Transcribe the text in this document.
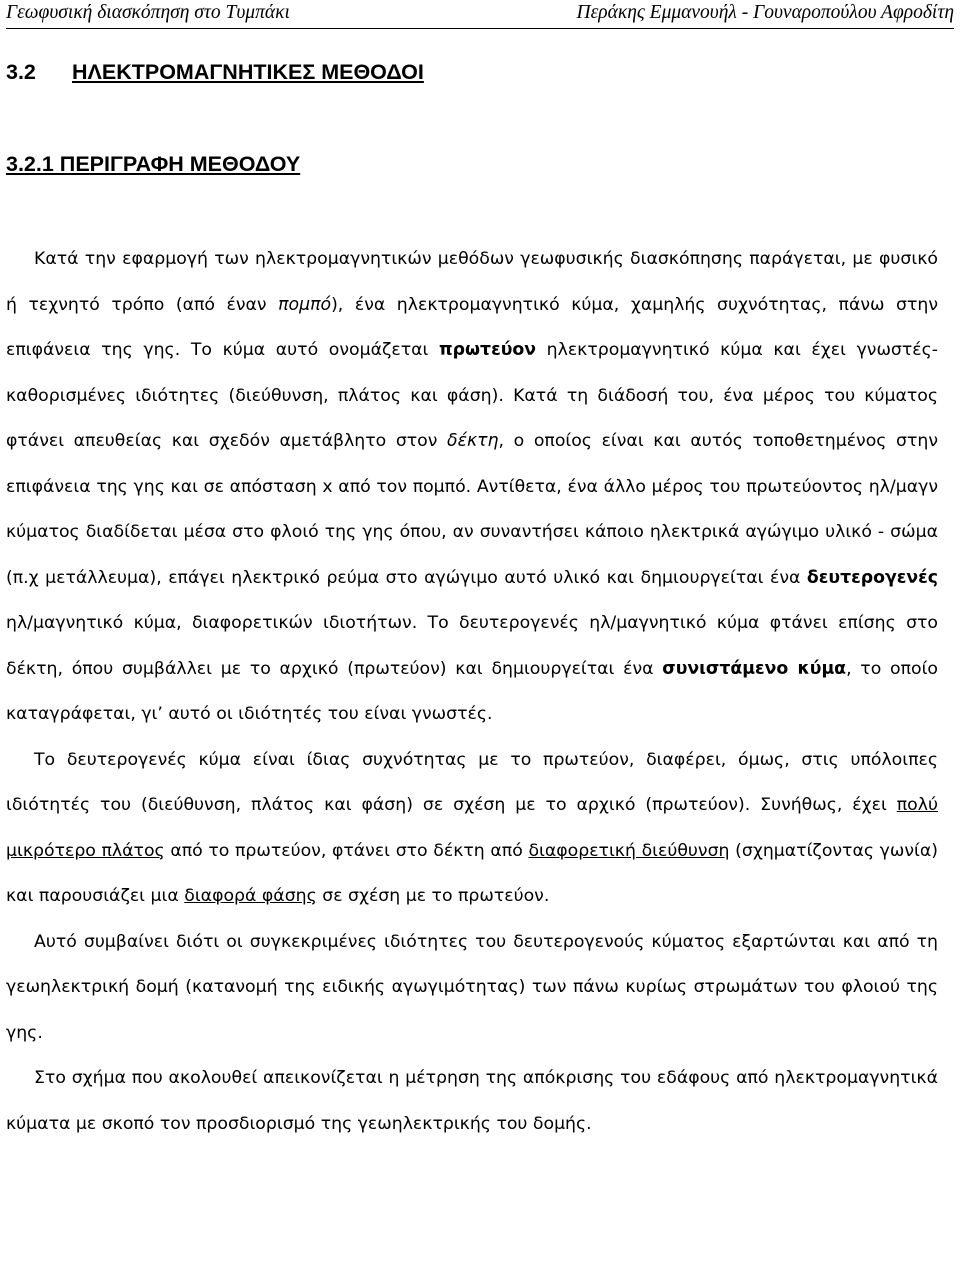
Γεωφυσική διασκόπηση στο Τυμπάκι	Περάκης Εμμανουήλ - Γουναροπούλου Αφροδίτη
3.2 ΗΛΕΚΤΡΟΜΑΓΝΗΤΙΚΕΣ ΜΕΘΟΔΟΙ
3.2.1 ΠΕΡΙΓΡΑΦΗ ΜΕΘΟΔΟΥ

Κατά την εφαρμογή των ηλεκτρομαγνητικών μεθόδων γεωφυσικής διασκόπησης παράγεται, με φυσικό ή τεχνητό τρόπο (από έναν πομπό), ένα ηλεκτρομαγνητικό κύμα, χαμηλής συχνότητας, πάνω στην επιφάνεια της γης. Το κύμα αυτό ονομάζεται πρωτεύον ηλεκτρομαγνητικό κύμα και έχει γνωστές-καθορισμένες ιδιότητες (διεύθυνση, πλάτος και φάση). Κατά τη διάδοσή του, ένα μέρος του κύματος φτάνει απευθείας και σχεδόν αμετάβλητο στον δέκτη, ο οποίος είναι και αυτός τοποθετημένος στην επιφάνεια της γης και σε απόσταση x από τον πομπό. Αντίθετα, ένα άλλο μέρος του πρωτεύοντος ηλ/μαγν κύματος διαδίδεται μέσα στο φλοιό της γης όπου, αν συναντήσει κάποιο ηλεκτρικά αγώγιμο υλικό - σώμα (π.χ μετάλλευμα), επάγει ηλεκτρικό ρεύμα στο αγώγιμο αυτό υλικό και δημιουργείται ένα δευτερογενές ηλ/μαγνητικό κύμα, διαφορετικών ιδιοτήτων. Το δευτερογενές ηλ/μαγνητικό κύμα φτάνει επίσης στο δέκτη, όπου συμβάλλει με το αρχικό (πρωτεύον) και δημιουργείται ένα συνιστάμενο κύμα, το οποίο καταγράφεται, γι’ αυτό οι ιδιότητές του είναι γνωστές.

Το δευτερογενές κύμα είναι ίδιας συχνότητας με το πρωτεύον, διαφέρει, όμως, στις υπόλοιπες ιδιότητές του (διεύθυνση, πλάτος και φάση) σε σχέση με το αρχικό (πρωτεύον). Συνήθως, έχει πολύ μικρότερο πλάτος από το πρωτεύον, φτάνει στο δέκτη από διαφορετική διεύθυνση (σχηματίζοντας γωνία) και παρουσιάζει μια διαφορά φάσης σε σχέση με το πρωτεύον.

Αυτό συμβαίνει διότι οι συγκεκριμένες ιδιότητες του δευτερογενούς κύματος εξαρτώνται και από τη γεωηλεκτρική δομή (κατανομή της ειδικής αγωγιμότητας) των πάνω κυρίως στρωμάτων του φλοιού της γης.

Στο σχήμα που ακολουθεί απεικονίζεται η μέτρηση της απόκρισης του εδάφους από ηλεκτρομαγνητικά κύματα με σκοπό τον προσδιορισμό της γεωηλεκτρικής του δομής.
